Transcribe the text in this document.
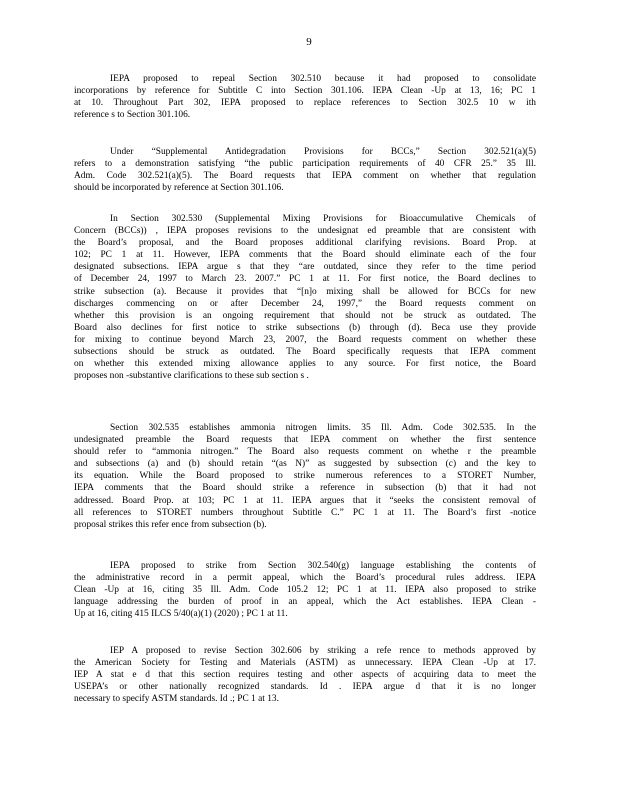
9
IEPA proposed to repeal Section 302.510 because it had proposed to consolidate
incorporations by reference for Subtitle C into Section 301.106. IEPA Clean -Up at 13, 16; PC 1
at 10. Throughout Part 302, IEPA proposed to replace references to Section 302.5 10 w ith
reference s to Section 301.106.
Under “Supplemental Antidegradation Provisions for BCCs,” Section 302.521(a)(5)
refers to a demonstration satisfying “the public participation requirements of 40 CFR 25.” 35 Ill.
Adm. Code 302.521(a)(5). The Board requests that IEPA comment on whether that regulation
should be incorporated by reference at Section 301.106.
In Section 302.530 (Supplemental Mixing Provisions for Bioaccumulative Chemicals of
Concern (BCCs)) , IEPA proposes revisions to the undesignat ed preamble that are consistent with
the Board’s proposal, and the Board proposes additional clarifying revisions. Board Prop. at
102; PC 1 at 11. However, IEPA comments that the Board should eliminate each of the four
designated subsections. IEPA argue s that they “are outdated, since they refer to the time period
of December 24, 1997 to March 23. 2007.” PC 1 at 11. For first notice, the Board declines to
strike subsection (a). Because it provides that “[n]o mixing shall be allowed for BCCs for new
discharges commencing on or after December 24, 1997,” the Board requests comment on
whether this provision is an ongoing requirement that should not be struck as outdated. The
Board also declines for first notice to strike subsections (b) through (d). Beca use they provide
for mixing to continue beyond March 23, 2007, the Board requests comment on whether these
subsections should be struck as outdated. The Board specifically requests that IEPA comment
on whether this extended mixing allowance applies to any source. For first notice, the Board
proposes non -substantive clarifications to these sub section s .
Section 302.535 establishes ammonia nitrogen limits. 35 Ill. Adm. Code 302.535. In the
undesignated preamble the Board requests that IEPA comment on whether the first sentence
should refer to “ammonia nitrogen.” The Board also requests comment on whethe r the preamble
and subsections (a) and (b) should retain “(as N)” as suggested by subsection (c) and the key to
its equation. While the Board proposed to strike numerous references to a STORET Number,
IEPA comments that the Board should strike a reference in subsection (b) that it had not
addressed. Board Prop. at 103; PC 1 at 11. IEPA argues that it “seeks the consistent removal of
all references to STORET numbers throughout Subtitle C.” PC 1 at 11. The Board’s first -notice
proposal strikes this refer ence from subsection (b).
IEPA proposed to strike from Section 302.540(g) language establishing the contents of
the administrative record in a permit appeal, which the Board’s procedural rules address. IEPA
Clean -Up at 16, citing 35 Ill. Adm. Code 105.2 12; PC 1 at 11. IEPA also proposed to strike
language addressing the burden of proof in an appeal, which the Act establishes. IEPA Clean -
Up at 16, citing 415 ILCS 5/40(a)(1) (2020) ; PC 1 at 11.
IEP A proposed to revise Section 302.606 by striking a refe rence to methods approved by
the American Society for Testing and Materials (ASTM) as unnecessary. IEPA Clean -Up at 17.
IEP A stat e d that this section requires testing and other aspects of acquiring data to meet the
USEPA’s or other nationally recognized standards. Id . IEPA argue d that it is no longer
necessary to specify ASTM standards. Id .; PC 1 at 13.
